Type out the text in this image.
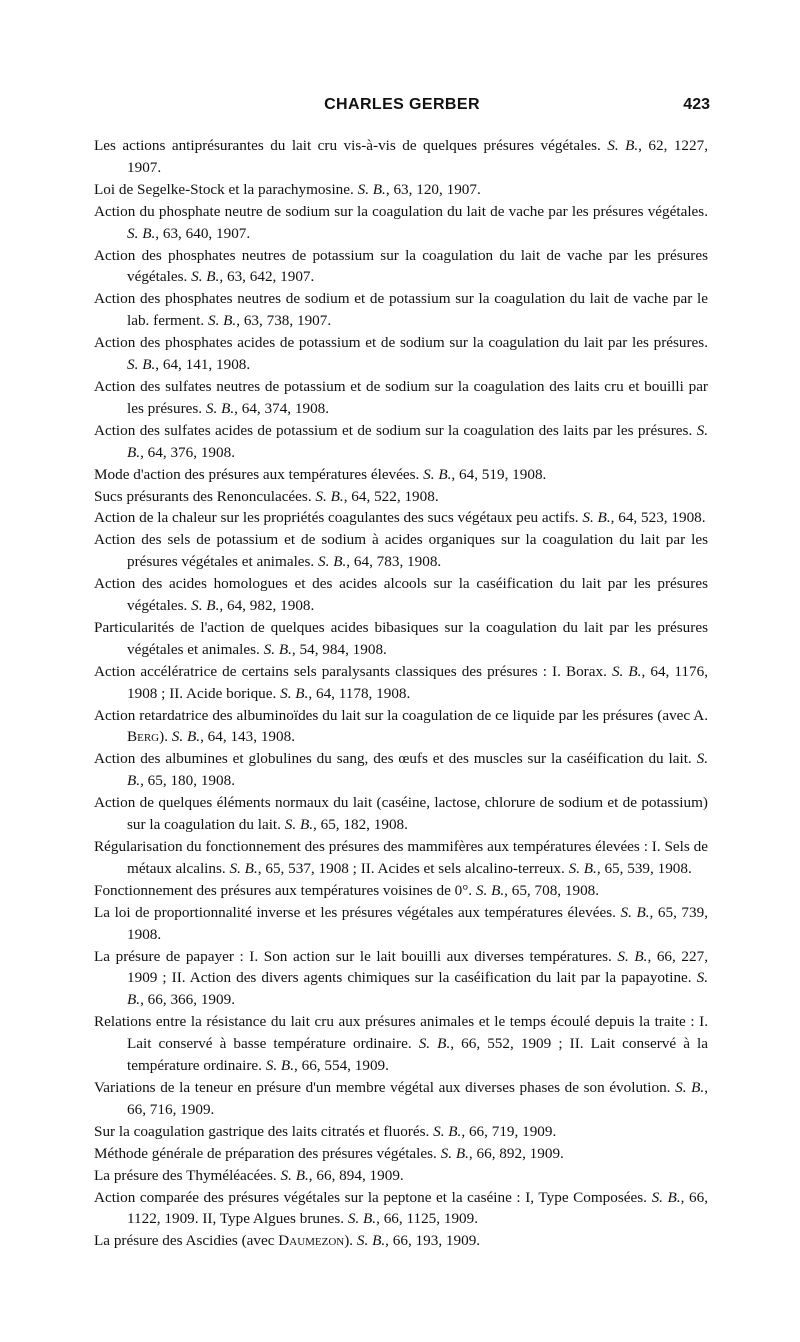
CHARLES GERBER	423

Les actions antiprésurantes du lait cru vis-à-vis de quelques présures végétales. S. B., 62, 1227, 1907.

Loi de Segelke-Stock et la parachymosine. S. B., 63, 120, 1907.

Action du phosphate neutre de sodium sur la coagulation du lait de vache par les présures végétales. S. B., 63, 640, 1907.

Action des phosphates neutres de potassium sur la coagulation du lait de vache par les présures végétales. S. B., 63, 642, 1907.

Action des phosphates neutres de sodium et de potassium sur la coagulation du lait de vache par le lab. ferment. S. B., 63, 738, 1907.

Action des phosphates acides de potassium et de sodium sur la coagulation du lait par les présures. S. B., 64, 141, 1908.

Action des sulfates neutres de potassium et de sodium sur la coagulation des laits cru et bouilli par les présures. S. B., 64, 374, 1908.

Action des sulfates acides de potassium et de sodium sur la coagulation des laits par les présures. S. B., 64, 376, 1908.

Mode d'action des présures aux températures élevées. S. B., 64, 519, 1908.

Sucs présurants des Renonculacées. S. B., 64, 522, 1908.

Action de la chaleur sur les propriétés coagulantes des sucs végétaux peu actifs. S. B., 64, 523, 1908.

Action des sels de potassium et de sodium à acides organiques sur la coagulation du lait par les présures végétales et animales. S. B., 64, 783, 1908.

Action des acides homologues et des acides alcools sur la caséification du lait par les présures végétales. S. B., 64, 982, 1908.

Particularités de l'action de quelques acides bibasiques sur la coagulation du lait par les présures végétales et animales. S. B., 54, 984, 1908.

Action accélératrice de certains sels paralysants classiques des présures : I. Borax. S. B., 64, 1176, 1908 ; II. Acide borique. S. B., 64, 1178, 1908.

Action retardatrice des albuminoïdes du lait sur la coagulation de ce liquide par les présures (avec A. Berg). S. B., 64, 143, 1908.

Action des albumines et globulines du sang, des œufs et des muscles sur la caséification du lait. S. B., 65, 180, 1908.

Action de quelques éléments normaux du lait (caséine, lactose, chlorure de sodium et de potassium) sur la coagulation du lait. S. B., 65, 182, 1908.

Régularisation du fonctionnement des présures des mammifères aux températures élevées : I. Sels de métaux alcalins. S. B., 65, 537, 1908 ; II. Acides et sels alcalino-terreux. S. B., 65, 539, 1908.

Fonctionnement des présures aux températures voisines de 0°. S. B., 65, 708, 1908.

La loi de proportionnalité inverse et les présures végétales aux températures élevées. S. B., 65, 739, 1908.

La présure de papayer : I. Son action sur le lait bouilli aux diverses températures. S. B., 66, 227, 1909 ; II. Action des divers agents chimiques sur la caséification du lait par la papayotine. S. B., 66, 366, 1909.

Relations entre la résistance du lait cru aux présures animales et le temps écoulé depuis la traite : I. Lait conservé à basse température ordinaire. S. B., 66, 552, 1909 ; II. Lait conservé à la température ordinaire. S. B., 66, 554, 1909.

Variations de la teneur en présure d'un membre végétal aux diverses phases de son évolution. S. B., 66, 716, 1909.

Sur la coagulation gastrique des laits citratés et fluorés. S. B., 66, 719, 1909.

Méthode générale de préparation des présures végétales. S. B., 66, 892, 1909.

La présure des Thyméléacées. S. B., 66, 894, 1909.

Action comparée des présures végétales sur la peptone et la caséine : I, Type Composées. S. B., 66, 1122, 1909. II, Type Algues brunes. S. B., 66, 1125, 1909.

La présure des Ascidies (avec Daumezon). S. B., 66, 193, 1909.
